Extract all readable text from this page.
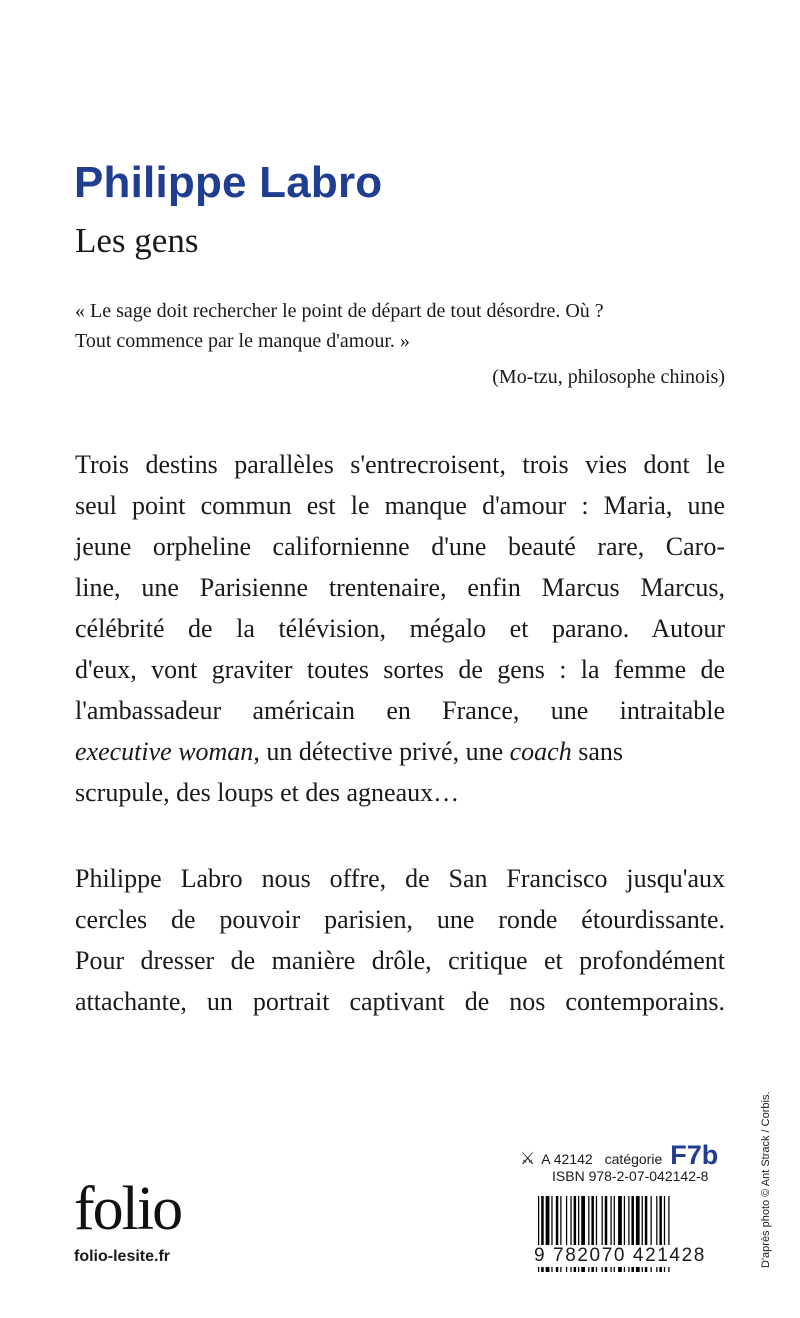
Philippe Labro
Les gens
« Le sage doit rechercher le point de départ de tout désordre. Où ?
Tout commence par le manque d'amour. »
(Mo-tzu, philosophe chinois)
Trois destins parallèles s'entrecroisent, trois vies dont le
seul point commun est le manque d'amour : Maria, une
jeune orpheline californienne d'une beauté rare, Caro-
line, une Parisienne trentenaire, enfin Marcus Marcus,
célébrité de la télévision, mégalo et parano. Autour
d'eux, vont graviter toutes sortes de gens : la femme de
l'ambassadeur américain en France, une intraitable
executive woman, un détective privé, une coach sans
scrupule, des loups et des agneaux…
Philippe Labro nous offre, de San Francisco jusqu'aux
cercles de pouvoir parisien, une ronde étourdissante.
Pour dresser de manière drôle, critique et profondément
attachante, un portrait captivant de nos contemporains.
D'après photo © Ant Strack / Corbis.
⚔ A 42142 catégorie F7b
ISBN 978-2-07-042142-8
9 782070 421428
folio
folio-lesite.fr
